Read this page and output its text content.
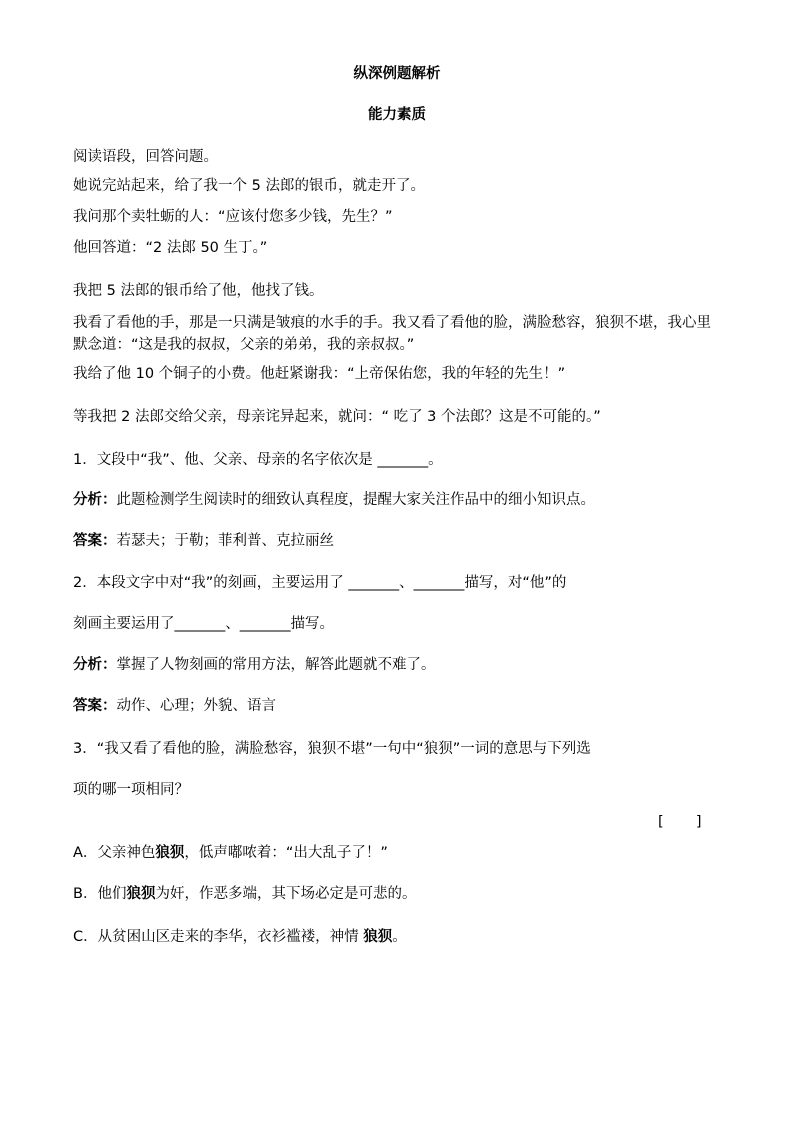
纵深例题解析
能力素质
阅读语段，回答问题。
她说完站起来，给了我一个 5 法郎的银币，就走开了。
我问那个卖牡蛎的人：“应该付您多少钱，先生？”
他回答道：“2 法郎 50 生丁。”
我把 5 法郎的银币给了他，他找了钱。
我看了看他的手，那是一只满是皱痕的水手的手。我又看了看他的脸，满脸愁容，狼狈不堪，我心里默念道：“这是我的叔叔，父亲的弟弟，我的亲叔叔。”
我给了他 10 个铜子的小费。他赶紧谢我：“上帝保佑您，我的年轻的先生！”
等我把 2 法郎交给父亲，母亲诧异起来，就问：“ 吃了 3 个法郎？这是不可能的。”
1．文段中“我”、他、父亲、母亲的名字依次是 _______。
分析：此题检测学生阅读时的细致认真程度，提醒大家关注作品中的细小知识点。
答案：若瑟夫；于勒；菲利普、克拉丽丝
2．本段文字中对“我”的刻画，主要运用了 _______、_______描写，对“他”的
刻画主要运用了_______、_______描写。
分析：掌握了人物刻画的常用方法，解答此题就不难了。
答案：动作、心理；外貌、语言
3．“我又看了看他的脸，满脸愁容，狼狈不堪”一句中“狼狈”一词的意思与下列选
项的哪一项相同？
[       ]
A．父亲神色狼狈，低声嘟哝着：“出大乱子了！”
B．他们狼狈为奸，作恶多端，其下场必定是可悲的。
C．从贫困山区走来的李华，衣衫褴褛，神情 狼狈。
